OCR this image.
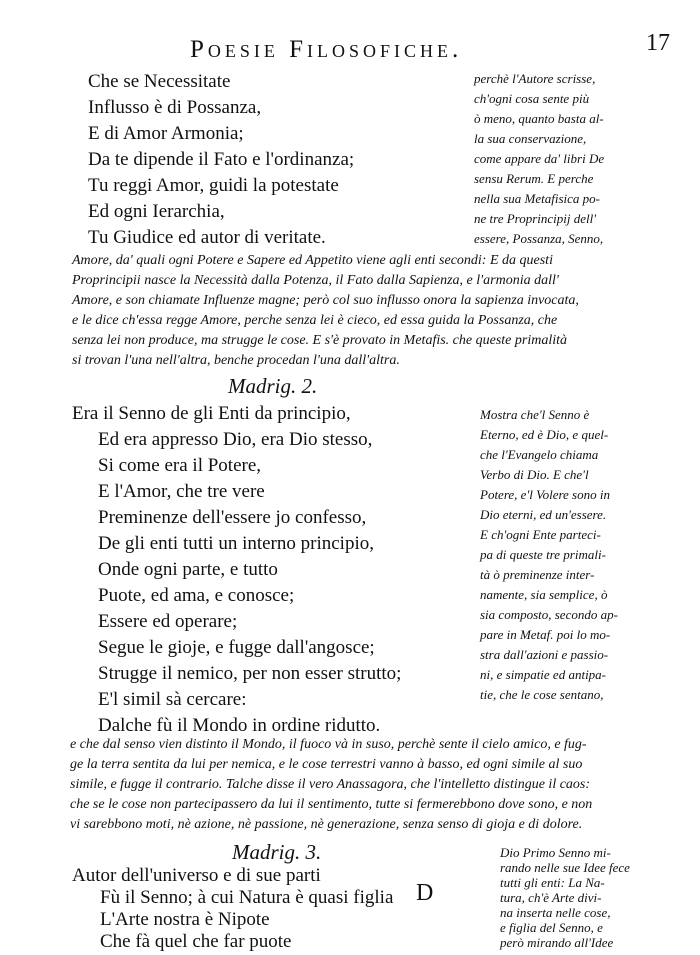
Poesie Filosofiche.	17
Che se Necessitate
Influsso è di Possanza,
E di Amor Armonia;
Da te dipende il Fato e l'ordinanza;
Tu reggi Amor, guidi la potestate
Ed ogni Ierarchia,
Tu Giudice ed autor di veritate.
perchè l'Autore scrisse,
ch'ogni cosa sente più
ò meno, quanto basta al-
la sua conservazione,
come appare da' libri De
sensu Rerum. E perche
nella sua Metafisica po-
ne tre Proprincipij dell'
essere, Possanza, Senno,
Amore, da' quali ogni Potere e Sapere ed Appetito viene agli enti secondi: E da questi
Proprincipii nasce la Necessità dalla Potenza, il Fato dalla Sapienza, e l'armonia dall'
Amore, e son chiamate Influenze magne; però col suo influsso onora la sapienza invocata,
e le dice ch'essa regge Amore, perche senza lei è cieco, ed essa guida la Possanza, che
senza lei non produce, ma strugge le cose. E s'è provato in Metafis. che queste primalità
si trovan l'una nell'altra, benche procedan l'una dall'altra.
Madrig. 2.
Era il Senno de gli Enti da principio,
Ed era appresso Dio, era Dio stesso,
Si come era il Potere,
E l'Amor, che tre vere
Preminenze dell'essere jo confesso,
De gli enti tutti un interno principio,
Onde ogni parte, e tutto
Puote, ed ama, e conosce;
Essere ed operare;
Segue le gioje, e fugge dall'angosce;
Strugge il nemico, per non esser strutto;
E'l simil sà cercare:
Dalche fù il Mondo in ordine ridutto.
Mostra che'l Senno è
Eterno, ed è Dio, e quel-
che l'Evangelo chiama
Verbo di Dio. E che'l
Potere, e'l Volere sono in
Dio eterni, ed un'essere.
E ch'ogni Ente parteci-
pa di queste tre primali-
tà ò preminenze inter-
namente, sia semplice, ò
sia composto, secondo ap-
pare in Metaf. poi lo mo-
stra dall'azioni e passio-
ni, e simpatie ed antipa-
tie, che le cose sentano,
e che dal senso vien distinto il Mondo, il fuoco và in suso, perchè sente il cielo amico, e fug-
ge la terra sentita da lui per nemica, e le cose terrestri vanno à basso, ed ogni simile al suo
simile, e fugge il contrario. Talche disse il vero Anassagora, che l'intelletto distingue il caos:
che se le cose non partecipassero da lui il sentimento, tutte si fermerebbono dove sono, e non
vi sarebbono moti, nè azione, nè passione, nè generazione, senza senso di gioja e di dolore.
Madrig. 3.
Autor dell'universo e di sue parti
Fù il Senno; à cui Natura è quasi figlia
L'Arte nostra è Nipote
Che fà quel che far puote
Dio Primo Senno mi-
rando nelle sue Idee fece
tutti gli enti: La Na-
tura, ch'è Arte divi-
na inserta nelle cose,
e figlia del Senno, e
però mirando all'Idee
D
